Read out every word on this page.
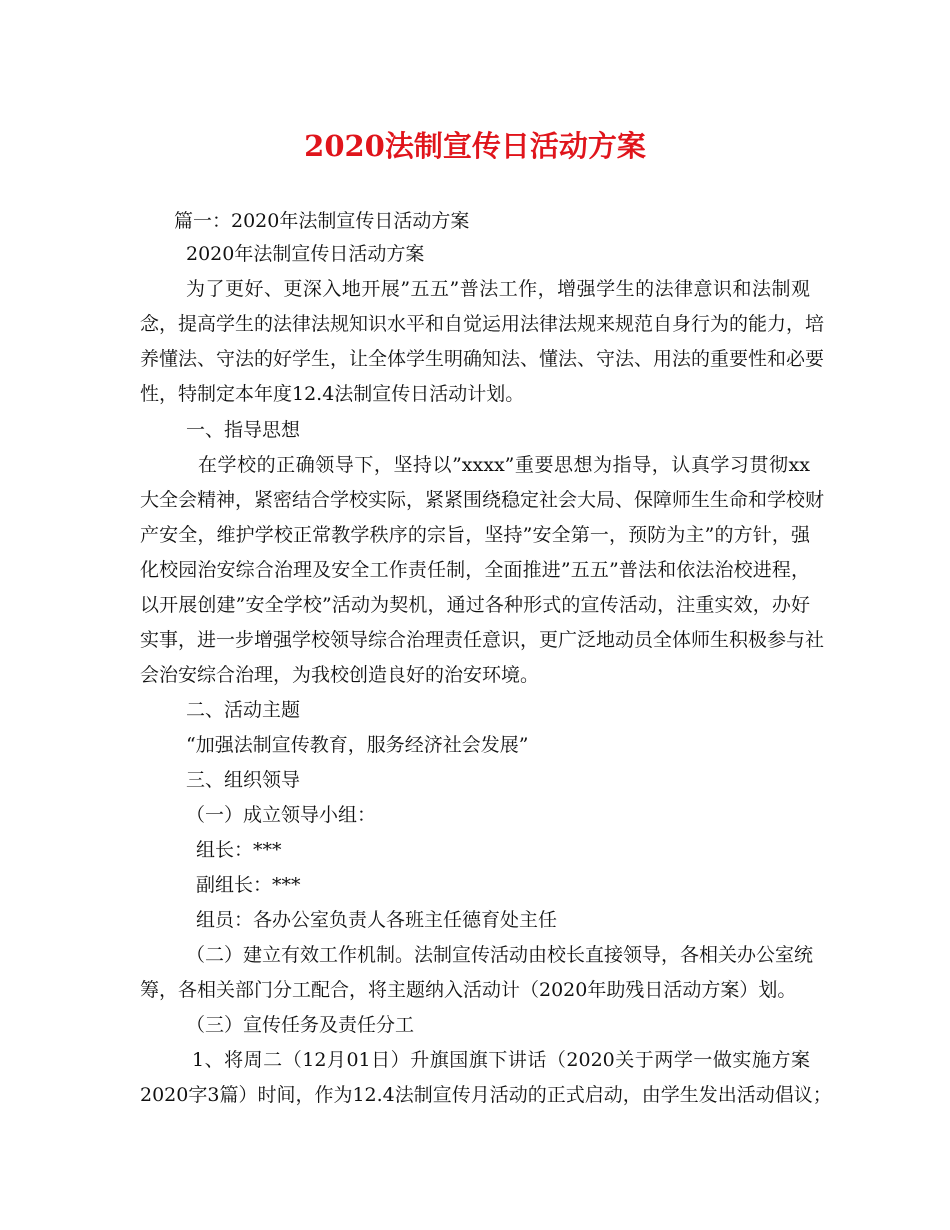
2020法制宣传日活动方案
篇一：2020年法制宣传日活动方案
2020年法制宣传日活动方案
为了更好、更深入地开展”五五”普法工作，增强学生的法律意识和法制观
念，提高学生的法律法规知识水平和自觉运用法律法规来规范自身行为的能力，培
养懂法、守法的好学生，让全体学生明确知法、懂法、守法、用法的重要性和必要
性，特制定本年度12.4法制宣传日活动计划。
一、指导思想
在学校的正确领导下，坚持以”xxxx”重要思想为指导，认真学习贯彻xx
大全会精神，紧密结合学校实际，紧紧围绕稳定社会大局、保障师生生命和学校财
产安全，维护学校正常教学秩序的宗旨，坚持”安全第一，预防为主”的方针，强
化校园治安综合治理及安全工作责任制，全面推进”五五”普法和依法治校进程，
以开展创建”安全学校”活动为契机，通过各种形式的宣传活动，注重实效，办好
实事，进一步增强学校领导综合治理责任意识，更广泛地动员全体师生积极参与社
会治安综合治理，为我校创造良好的治安环境。
二、活动主题
“加强法制宣传教育，服务经济社会发展”
三、组织领导
（一）成立领导小组：
组长：***
副组长：***
组员：各办公室负责人各班主任德育处主任
（二）建立有效工作机制。法制宣传活动由校长直接领导，各相关办公室统
筹，各相关部门分工配合，将主题纳入活动计（2020年助残日活动方案）划。
（三）宣传任务及责任分工
1、将周二（12月01日）升旗国旗下讲话（2020关于两学一做实施方案
2020字3篇）时间，作为12.4法制宣传月活动的正式启动，由学生发出活动倡议；
